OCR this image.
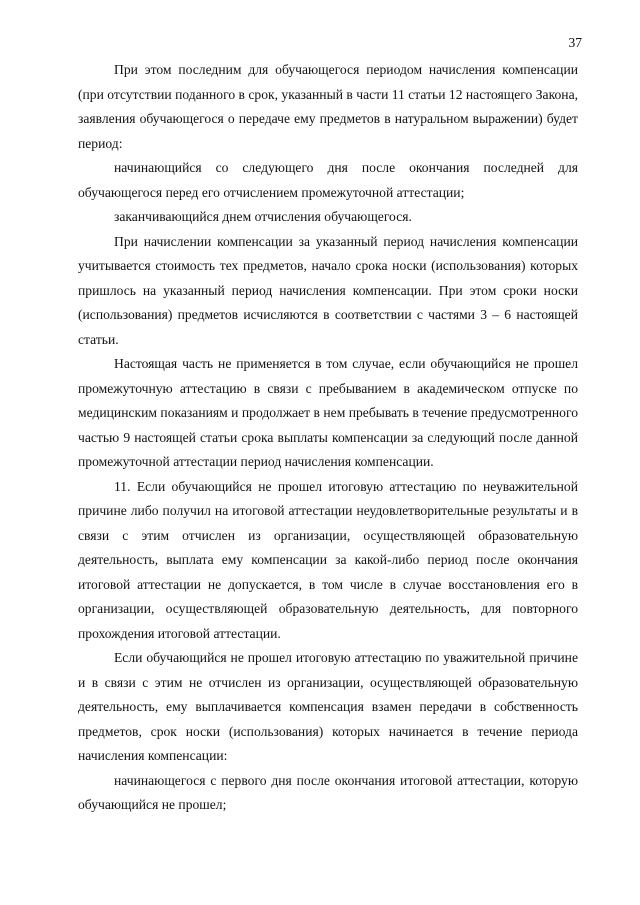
37

При этом последним для обучающегося периодом начисления компенсации (при отсутствии поданного в срок, указанный в части 11 статьи 12 настоящего Закона, заявления обучающегося о передаче ему предметов в натуральном выражении) будет период:

начинающийся со следующего дня после окончания последней для обучающегося перед его отчислением промежуточной аттестации;

заканчивающийся днем отчисления обучающегося.

При начислении компенсации за указанный период начисления компенсации учитывается стоимость тех предметов, начало срока носки (использования) которых пришлось на указанный период начисления компенсации. При этом сроки носки (использования) предметов исчисляются в соответствии с частями 3 – 6 настоящей статьи.

Настоящая часть не применяется в том случае, если обучающийся не прошел промежуточную аттестацию в связи с пребыванием в академическом отпуске по медицинским показаниям и продолжает в нем пребывать в течение предусмотренного частью 9 настоящей статьи срока выплаты компенсации за следующий после данной промежуточной аттестации период начисления компенсации.

11. Если обучающийся не прошел итоговую аттестацию по неуважительной причине либо получил на итоговой аттестации неудовлетворительные результаты и в связи с этим отчислен из организации, осуществляющей образовательную деятельность, выплата ему компенсации за какой-либо период после окончания итоговой аттестации не допускается, в том числе в случае восстановления его в организации, осуществляющей образовательную деятельность, для повторного прохождения итоговой аттестации.

Если обучающийся не прошел итоговую аттестацию по уважительной причине и в связи с этим не отчислен из организации, осуществляющей образовательную деятельность, ему выплачивается компенсация взамен передачи в собственность предметов, срок носки (использования) которых начинается в течение периода начисления компенсации:

начинающегося с первого дня после окончания итоговой аттестации, которую обучающийся не прошел;
